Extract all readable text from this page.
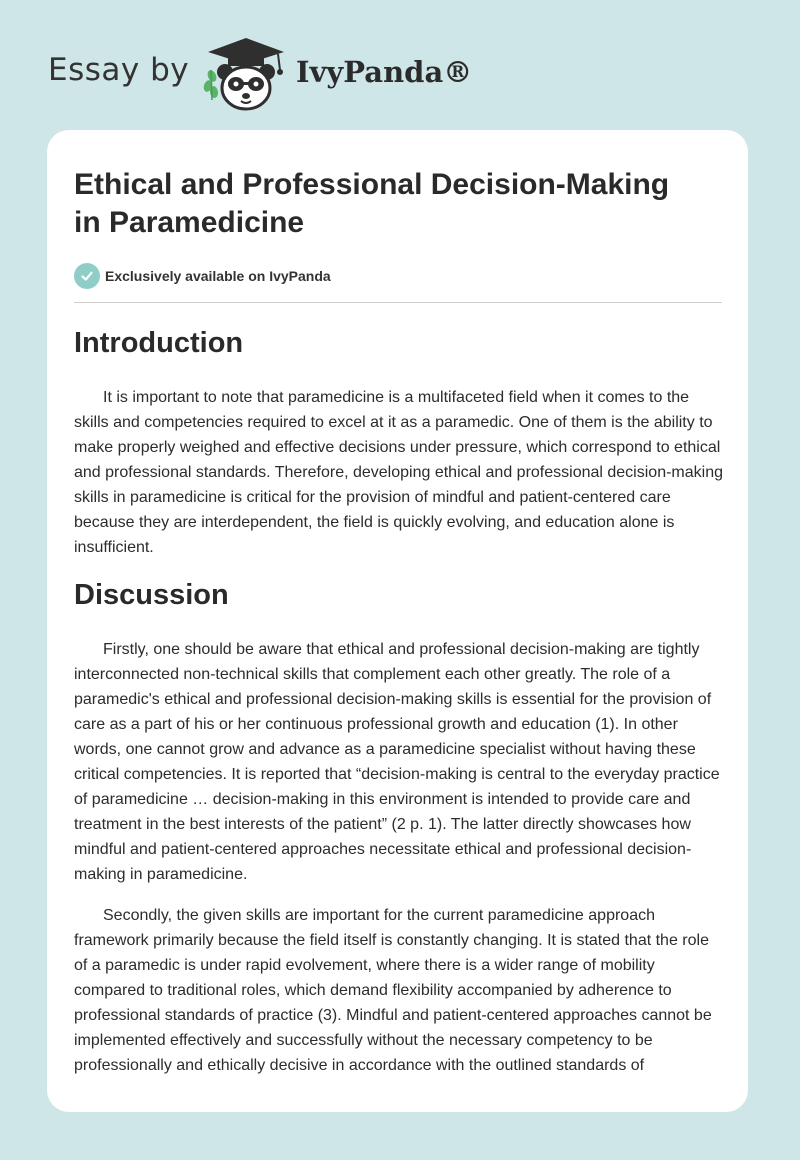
Essay by	IvyPanda®
Ethical and Professional Decision-Making in Paramedicine
Exclusively available on IvyPanda
Introduction

It is important to note that paramedicine is a multifaceted field when it comes to the skills and competencies required to excel at it as a paramedic. One of them is the ability to make properly weighed and effective decisions under pressure, which correspond to ethical and professional standards. Therefore, developing ethical and professional decision-making skills in paramedicine is critical for the provision of mindful and patient-centered care because they are interdependent, the field is quickly evolving, and education alone is insufficient.

Discussion

Firstly, one should be aware that ethical and professional decision-making are tightly interconnected non-technical skills that complement each other greatly. The role of a paramedic's ethical and professional decision-making skills is essential for the provision of care as a part of his or her continuous professional growth and education (1). In other words, one cannot grow and advance as a paramedicine specialist without having these critical competencies. It is reported that “decision-making is central to the everyday practice of paramedicine … decision-making in this environment is intended to provide care and treatment in the best interests of the patient” (2 p. 1). The latter directly showcases how mindful and patient-centered approaches necessitate ethical and professional decision-making in paramedicine.

Secondly, the given skills are important for the current paramedicine approach framework primarily because the field itself is constantly changing. It is stated that the role of a paramedic is under rapid evolvement, where there is a wider range of mobility compared to traditional roles, which demand flexibility accompanied by adherence to professional standards of practice (3). Mindful and patient-centered approaches cannot be implemented effectively and successfully without the necessary competency to be professionally and ethically decisive in accordance with the outlined standards of
